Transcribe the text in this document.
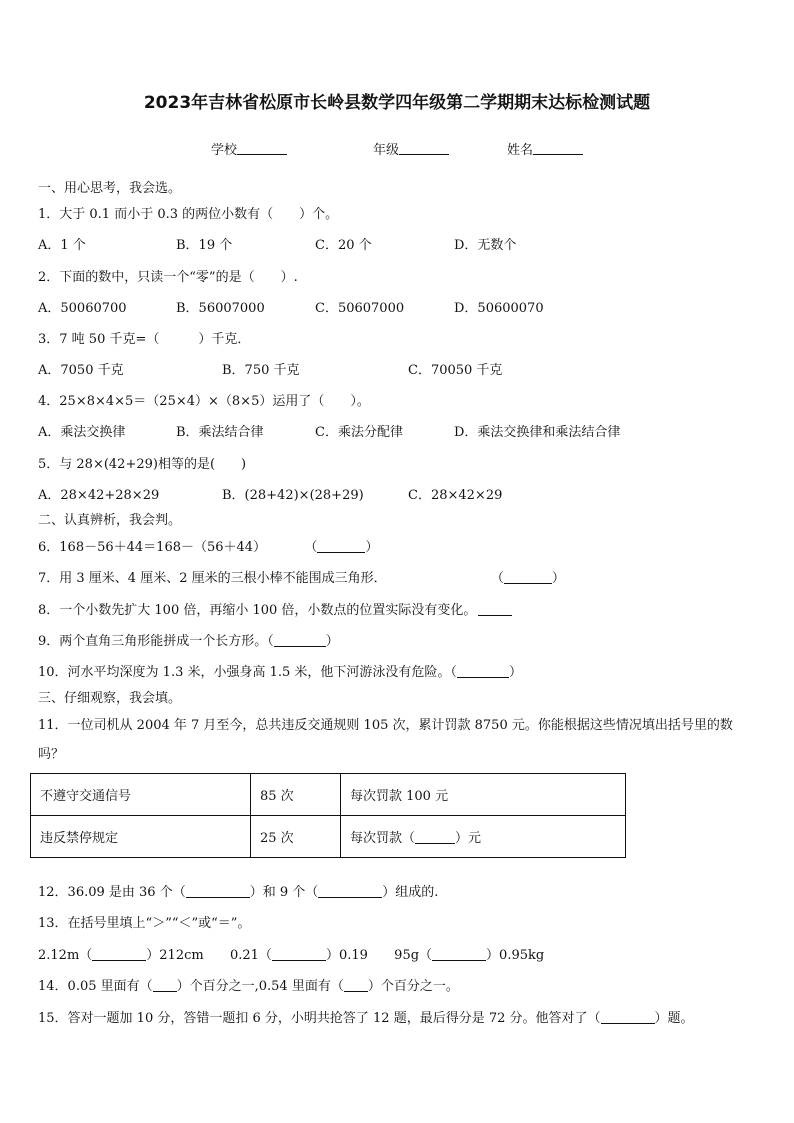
2023年吉林省松原市长岭县数学四年级第二学期期末达标检测试题
学校	年级	姓名
一、用心思考，我会选。
1．大于 0.1 而小于 0.3 的两位小数有（　　）个。
A．1 个	B．19 个	C．20 个	D．无数个
2．下面的数中，只读一个“零”的是（　　）.
A．50060700	B．56007000	C．50607000	D．50600070
3．7 吨 50 千克=（　　　）千克．
A．7050 千克	B．750 千克	C．70050 千克
4．25×8×4×5＝（25×4）×（8×5）运用了（　　）。
A．乘法交换律	B．乘法结合律	C．乘法分配律	D．乘法交换律和乘法结合律
5．与 28×(42+29)相等的是(　　)
A．28×42+28×29	B．(28+42)×(28+29)	C．28×42×29
二、认真辨析，我会判。
6．168－56＋44＝168－（56＋44）	（	）
7．用 3 厘米、4 厘米、2 厘米的三根小棒不能围成三角形．	（	）
8．一个小数先扩大 100 倍，再缩小 100 倍，小数点的位置实际没有变化。
9．两个直角三角形能拼成一个长方形。（	）
10．河水平均深度为 1.3 米，小强身高 1.5 米，他下河游泳没有危险。（	）
三、仔细观察，我会填。
11．一位司机从 2004 年 7 月至今，总共违反交通规则 105 次，累计罚款 8750 元。你能根据这些情况填出括号里的数
吗？
不遵守交通信号	85 次	每次罚款 100 元
违反禁停规定	25 次	每次罚款（ ）元
12．36.09 是由 36 个（	）和 9 个（	）组成的.
13．在括号里填上“＞”“＜”或“＝”。
2.12m（	）212cm 0.21（	）0.19 95g（	）0.95kg
14．0.05 里面有（ ）个百分之一,0.54 里面有（ ）个百分之一。
15．答对一题加 10 分，答错一题扣 6 分，小明共抢答了 12 题，最后得分是 72 分。他答对了（	）题。
